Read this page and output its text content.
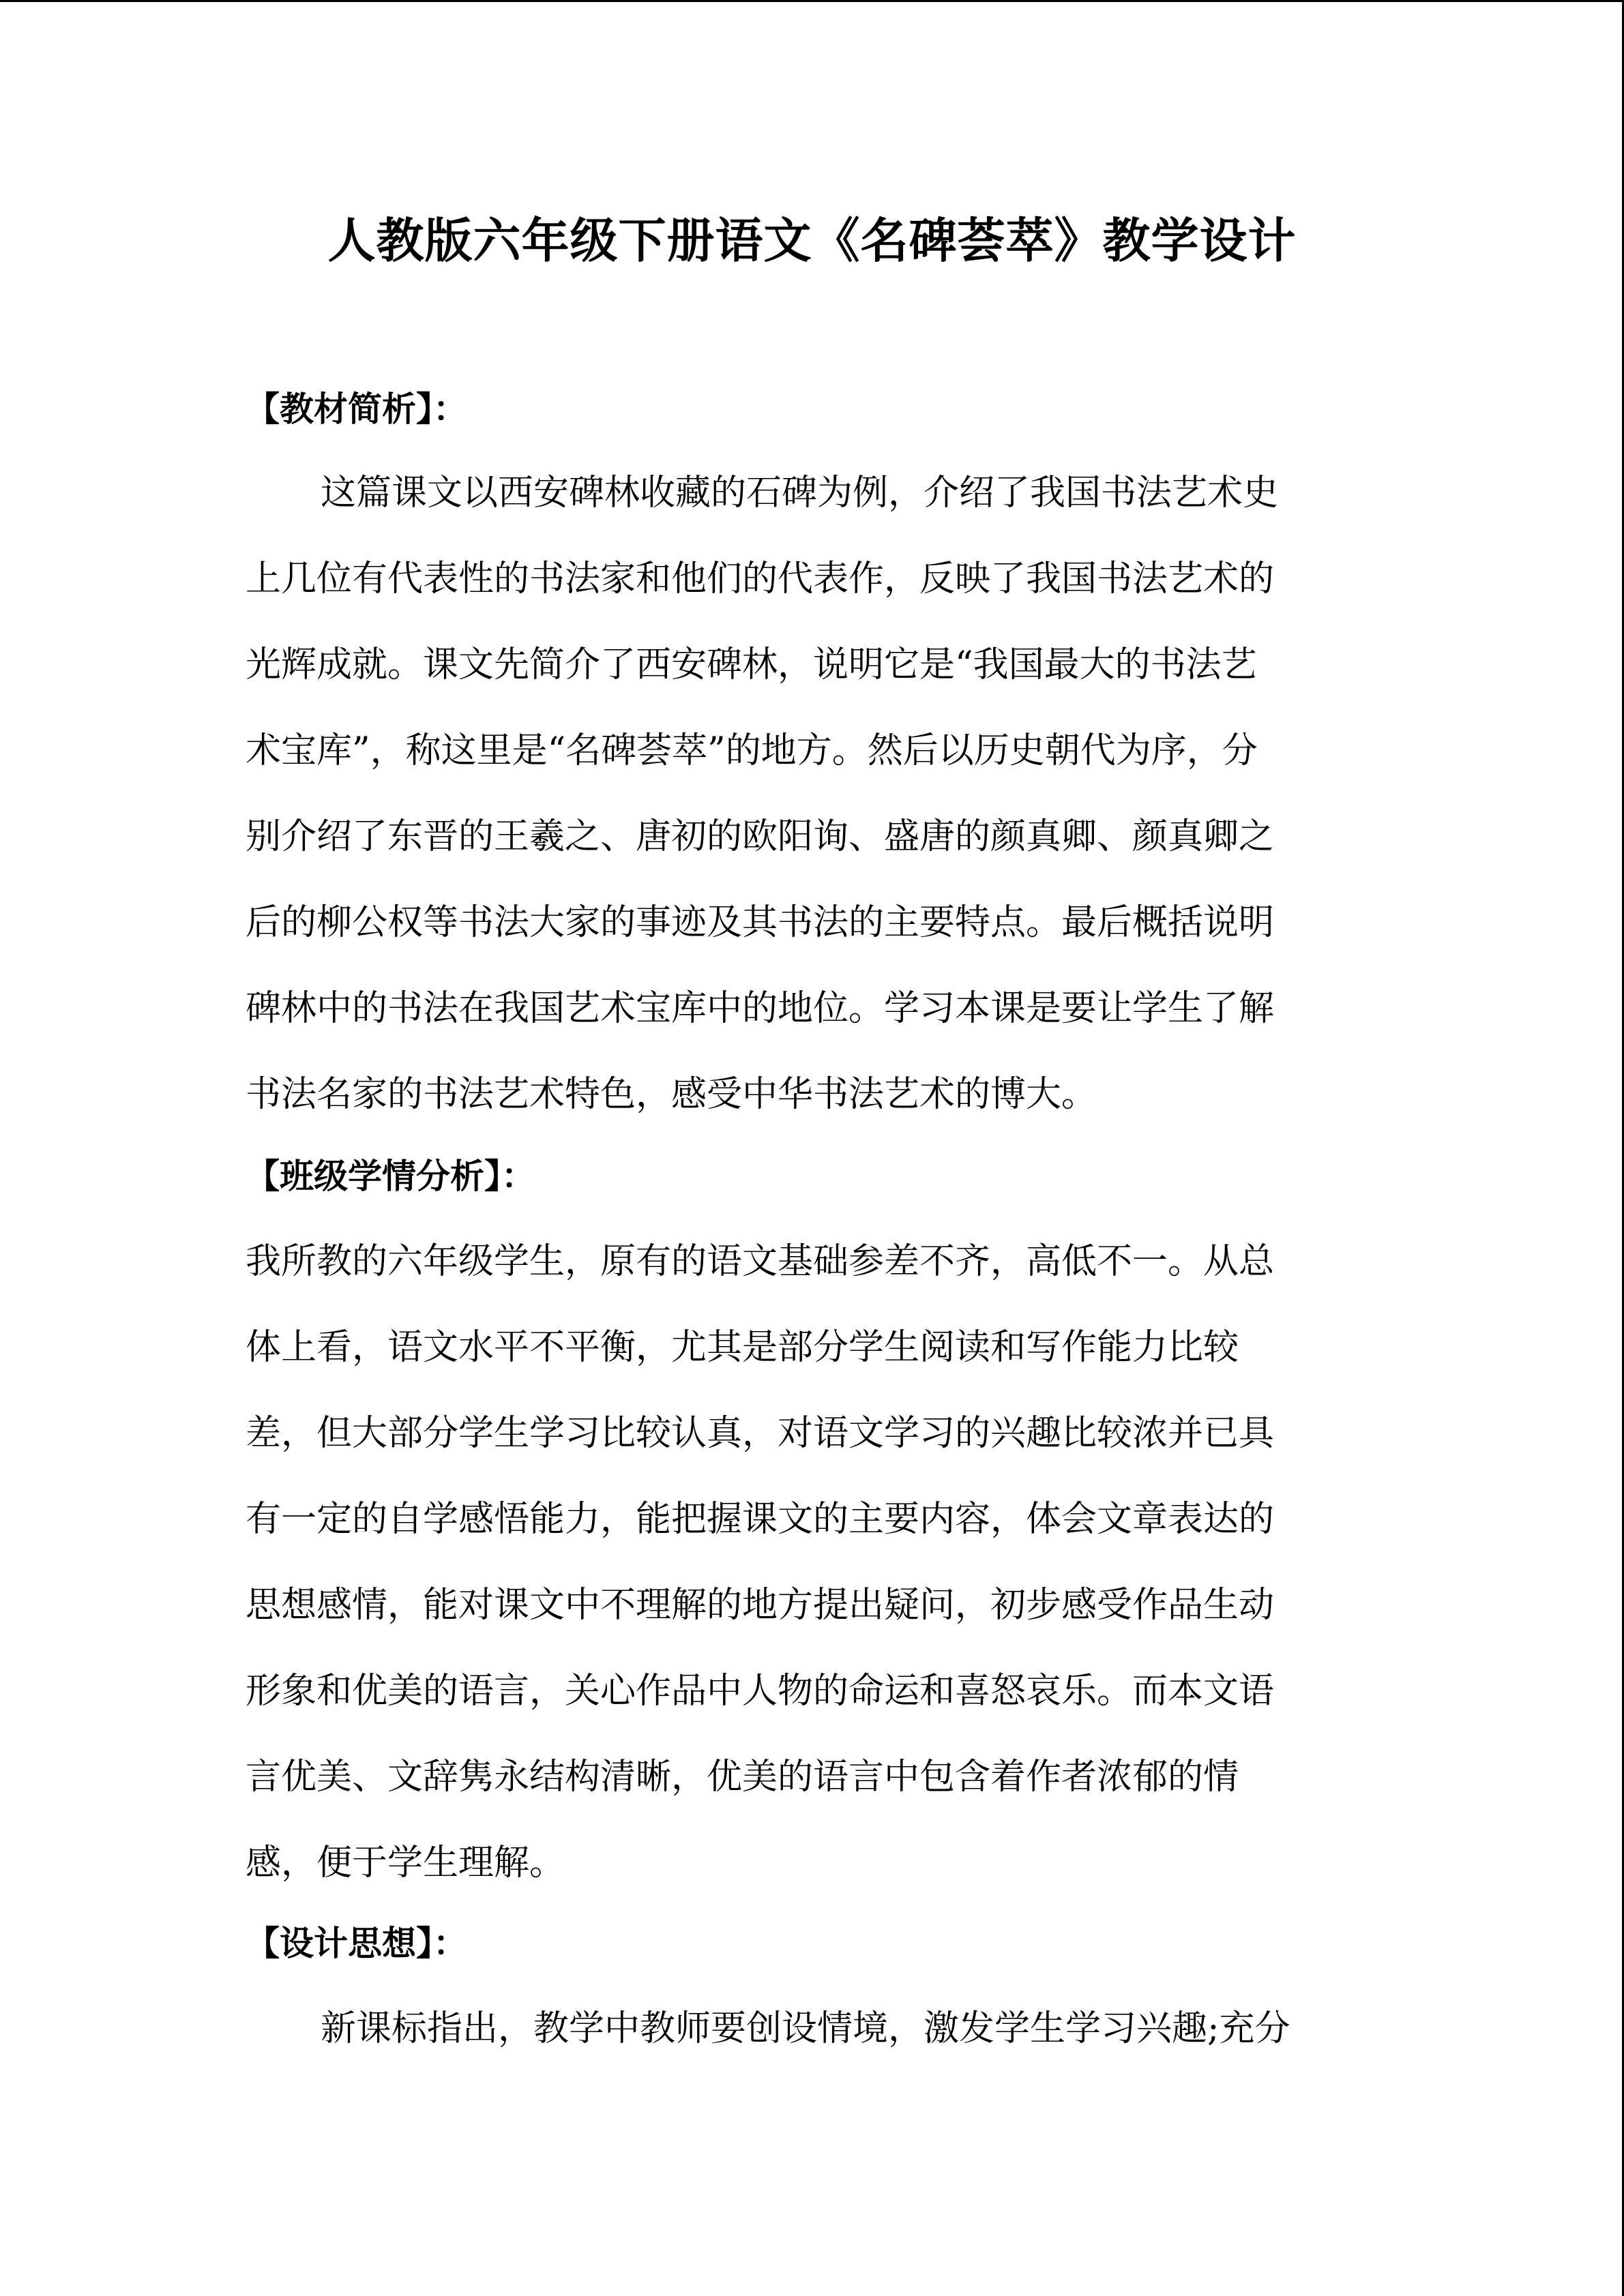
人教版六年级下册语文《名碑荟萃》教学设计
【教材简析】：
这篇课文以西安碑林收藏的石碑为例，介绍了我国书法艺术史
上几位有代表性的书法家和他们的代表作，反映了我国书法艺术的
光辉成就。课文先简介了西安碑林，说明它是“我国最大的书法艺
术宝库”，称这里是“名碑荟萃”的地方。然后以历史朝代为序，分
别介绍了东晋的王羲之、唐初的欧阳询、盛唐的颜真卿、颜真卿之
后的柳公权等书法大家的事迹及其书法的主要特点。最后概括说明
碑林中的书法在我国艺术宝库中的地位。学习本课是要让学生了解
书法名家的书法艺术特色，感受中华书法艺术的博大。
【班级学情分析】：
我所教的六年级学生，原有的语文基础参差不齐，高低不一。从总
体上看，语文水平不平衡，尤其是部分学生阅读和写作能力比较
差，但大部分学生学习比较认真，对语文学习的兴趣比较浓并已具
有一定的自学感悟能力，能把握课文的主要内容，体会文章表达的
思想感情，能对课文中不理解的地方提出疑问，初步感受作品生动
形象和优美的语言，关心作品中人物的命运和喜怒哀乐。而本文语
言优美、文辞隽永结构清晰，优美的语言中包含着作者浓郁的情
感，便于学生理解。
【设计思想】：
新课标指出，教学中教师要创设情境，激发学生学习兴趣;充分
